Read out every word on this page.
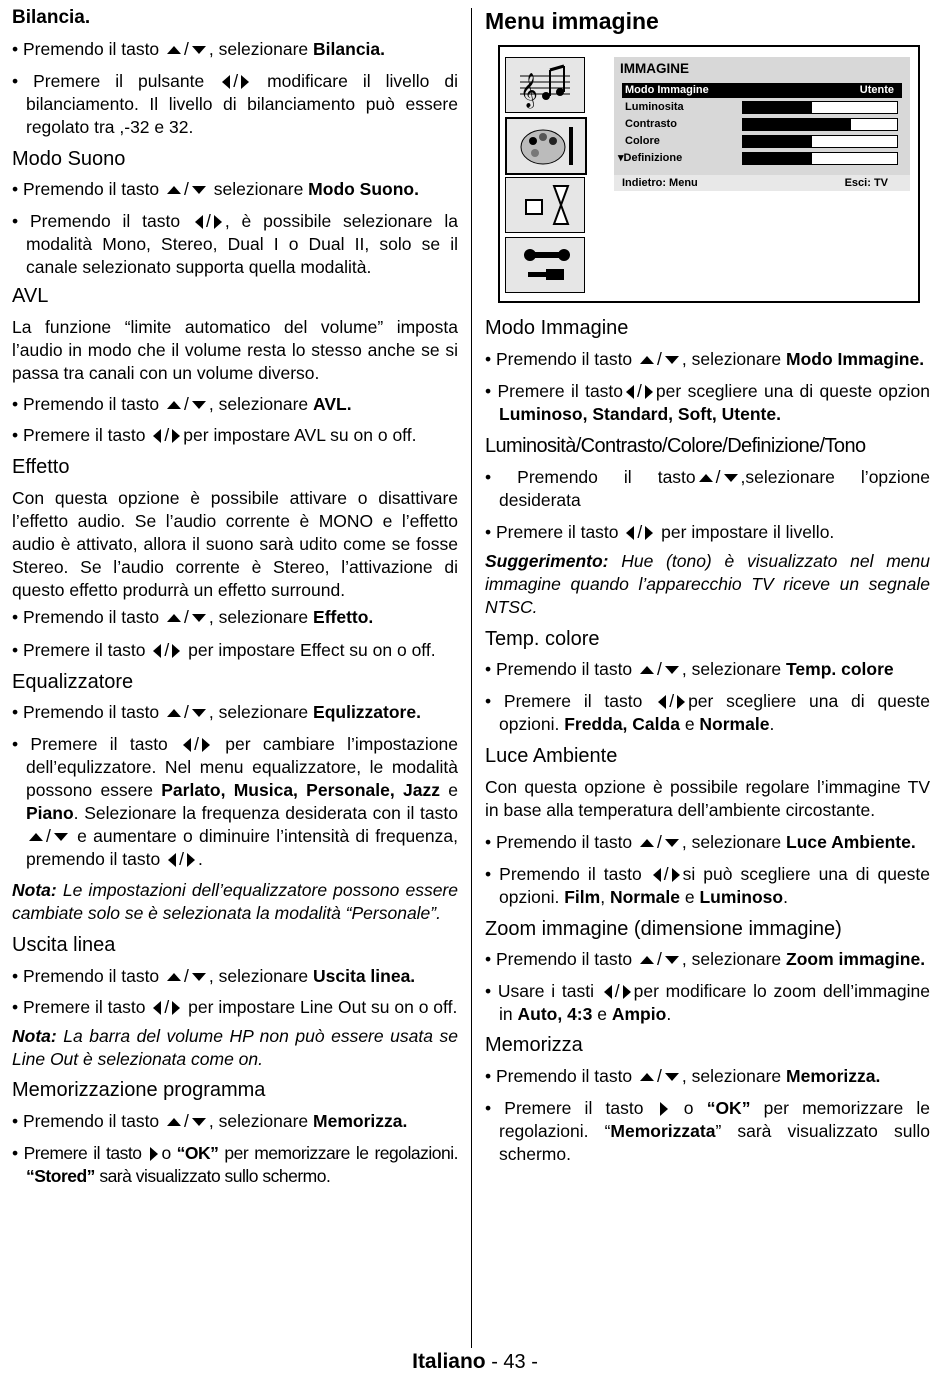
Bilancia.

• Premendo il tasto / , selezionare Bilancia.

• Premere il pulsante / modificare il livello di bilanciamento. Il livello di bilanciamento può essere regolato tra ,-32 e 32.

Modo Suono

• Premendo il tasto / selezionare Modo Suono.

• Premendo il tasto / , è possibile selezionare la modalità Mono, Stereo, Dual I o Dual II, solo se il canale selezionato supporta quella modalità.

AVL

La funzione “limite automatico del volume” imposta l’audio in modo che il volume resta lo stesso anche se si passa tra canali con un volume diverso.

• Premendo il tasto / , selezionare AVL.

• Premere il tasto / per impostare AVL su on o off.

Effetto

Con questa opzione è possibile attivare o disattivare l’effetto audio. Se l’audio corrente è MONO e l’effetto audio è attivato, allora il suono sarà udito come se fosse Stereo. Se l’audio corrente è Stereo, l’attivazione di questo effetto produrrà un effetto surround.

• Premendo il tasto / , selezionare Effetto.

• Premere il tasto / per impostare Effect su on o off.

Equalizzatore

• Premendo il tasto / , selezionare Equlizzatore.

• Premere il tasto / per cambiare l’impostazione dell’equlizzatore. Nel menu equalizzatore, le modalità possono essere Parlato, Musica, Personale, Jazz e Piano. Selezionare la frequenza desiderata con il tasto / e aumentare o diminuire l’intensità di frequenza, premendo il tasto / .

Nota: Le impostazioni dell’equalizzatore possono essere cambiate solo se è selezionata la modalità “Personale”.

Uscita linea

• Premendo il tasto / , selezionare Uscita linea.

• Premere il tasto / per impostare Line Out su on o off.

Nota: La barra del volume HP non può essere usata se Line Out è selezionata come on.

Memorizzazione programma

• Premendo il tasto / , selezionare Memorizza.

• Premere il tasto o “OK” per memorizzare le regolazioni. “Stored” sarà visualizzato sullo schermo.

Menu immagine
𝄞
IMMAGINE
Modo Immagine	Utente
Luminosita
Contrasto
Colore
▾Definizione
Indietro: Menu	Esci: TV
Modo Immagine

• Premendo il tasto / , selezionare Modo Immagine.

• Premere il tasto / per scegliere una di queste opzion Luminoso, Standard, Soft, Utente.

Luminosità/Contrasto/Colore/Definizione/Tono

• Premendo il tasto / ,selezionare l’opzione desiderata

• Premere il tasto / per impostare il livello.

Suggerimento: Hue (tono) è visualizzato nel menu immagine quando l’apparecchio TV riceve un segnale NTSC.

Temp. colore

• Premendo il tasto / , selezionare Temp. colore

• Premere il tasto / per scegliere una di queste opzioni. Fredda, Calda e Normale.

Luce Ambiente

Con questa opzione è possibile regolare l’immagine TV in base alla temperatura dell’ambiente circostante.

• Premendo il tasto / , selezionare Luce Ambiente.

• Premendo il tasto / si può scegliere una di queste opzioni. Film, Normale e Luminoso.

Zoom immagine (dimensione immagine)

• Premendo il tasto / , selezionare Zoom immagine.

• Usare i tasti / per modificare lo zoom dell’immagine in Auto, 4:3 e Ampio.

Memorizza

• Premendo il tasto / , selezionare Memorizza.

• Premere il tasto o “OK” per memorizzare le regolazioni. “Memorizzata” sarà visualizzato sullo schermo.

Italiano - 43 -
